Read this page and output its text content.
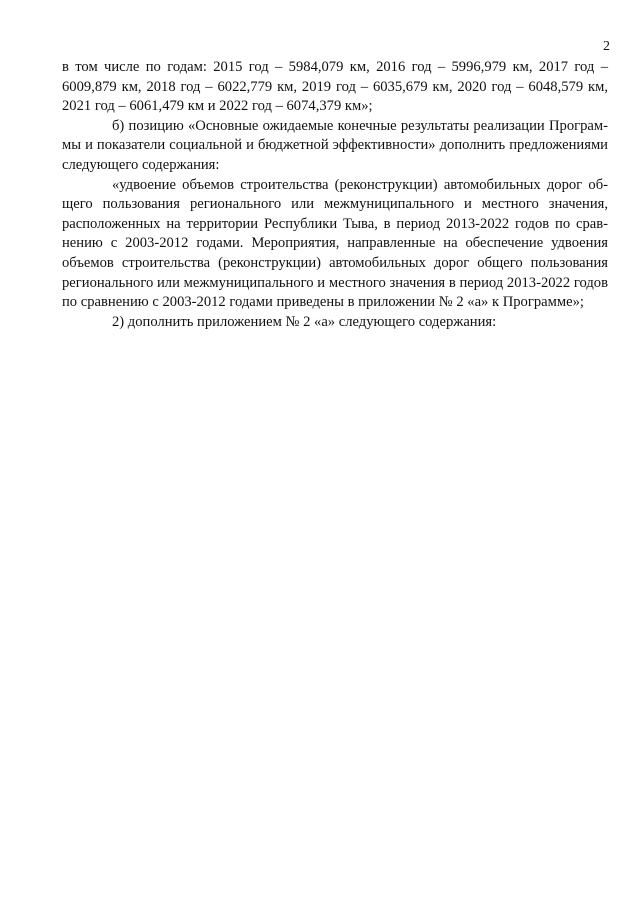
2

в том числе по годам: 2015 год – 5984,079 км, 2016 год – 5996,979 км, 2017 год – 6009,879 км, 2018 год – 6022,779 км, 2019 год – 6035,679 км, 2020 год – 6048,579 км, 2021 год – 6061,479 км и 2022 год – 6074,379 км»;

б) позицию «Основные ожидаемые конечные результаты реализации Программы и показатели социальной и бюджетной эффективности» дополнить предложениями следующего содержания:

«удвоение объемов строительства (реконструкции) автомобильных дорог общего пользования регионального или межмуниципального и местного значения, расположенных на территории Республики Тыва, в период 2013-2022 годов по сравнению с 2003-2012 годами. Мероприятия, направленные на обеспечение удвоения объемов строительства (реконструкции) автомобильных дорог общего пользования регионального или межмуниципального и местного значения в период 2013-2022 годов по сравнению с 2003-2012 годами приведены в приложении № 2 «а» к Программе»;

2) дополнить приложением № 2 «а» следующего содержания:
